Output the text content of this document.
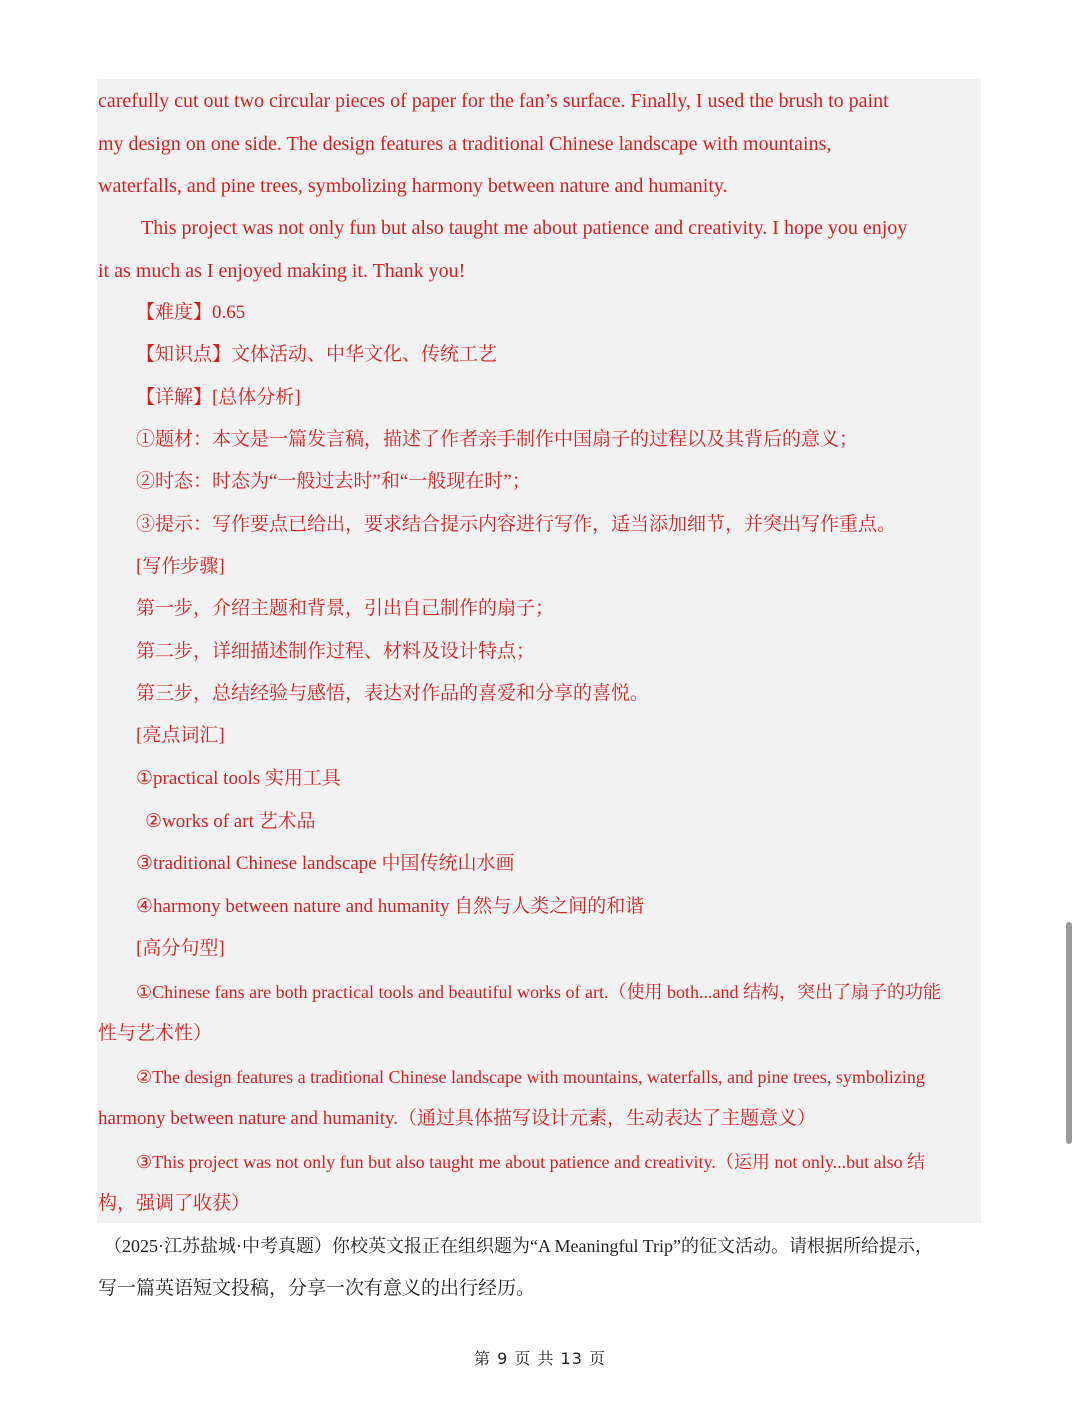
carefully cut out two circular pieces of paper for the fan’s surface. Finally, I used the brush to paint
my design on one side. The design features a traditional Chinese landscape with mountains,
waterfalls, and pine trees, symbolizing harmony between nature and humanity.
This project was not only fun but also taught me about patience and creativity. I hope you enjoy
it as much as I enjoyed making it. Thank you!
【难度】0.65
【知识点】文体活动、中华文化、传统工艺
【详解】[总体分析]
①题材：本文是一篇发言稿，描述了作者亲手制作中国扇子的过程以及其背后的意义；
②时态：时态为“一般过去时”和“一般现在时”；
③提示：写作要点已给出，要求结合提示内容进行写作，适当添加细节，并突出写作重点。
[写作步骤]
第一步，介绍主题和背景，引出自己制作的扇子；
第二步，详细描述制作过程、材料及设计特点；
第三步，总结经验与感悟，表达对作品的喜爱和分享的喜悦。
[亮点词汇]
①practical tools 实用工具
②works of art 艺术品
③traditional Chinese landscape 中国传统山水画
④harmony between nature and humanity 自然与人类之间的和谐
[高分句型]
①Chinese fans are both practical tools and beautiful works of art.（使用 both...and 结构，突出了扇子的功能
性与艺术性）
②The design features a traditional Chinese landscape with mountains, waterfalls, and pine trees, symbolizing
harmony between nature and humanity.（通过具体描写设计元素，生动表达了主题意义）
③This project was not only fun but also taught me about patience and creativity.（运用 not only...but also 结
构，强调了收获）
（2025·江苏盐城·中考真题）你校英文报正在组织题为“A Meaningful Trip”的征文活动。请根据所给提示，
写一篇英语短文投稿，分享一次有意义的出行经历。
第 9 页 共 13 页
